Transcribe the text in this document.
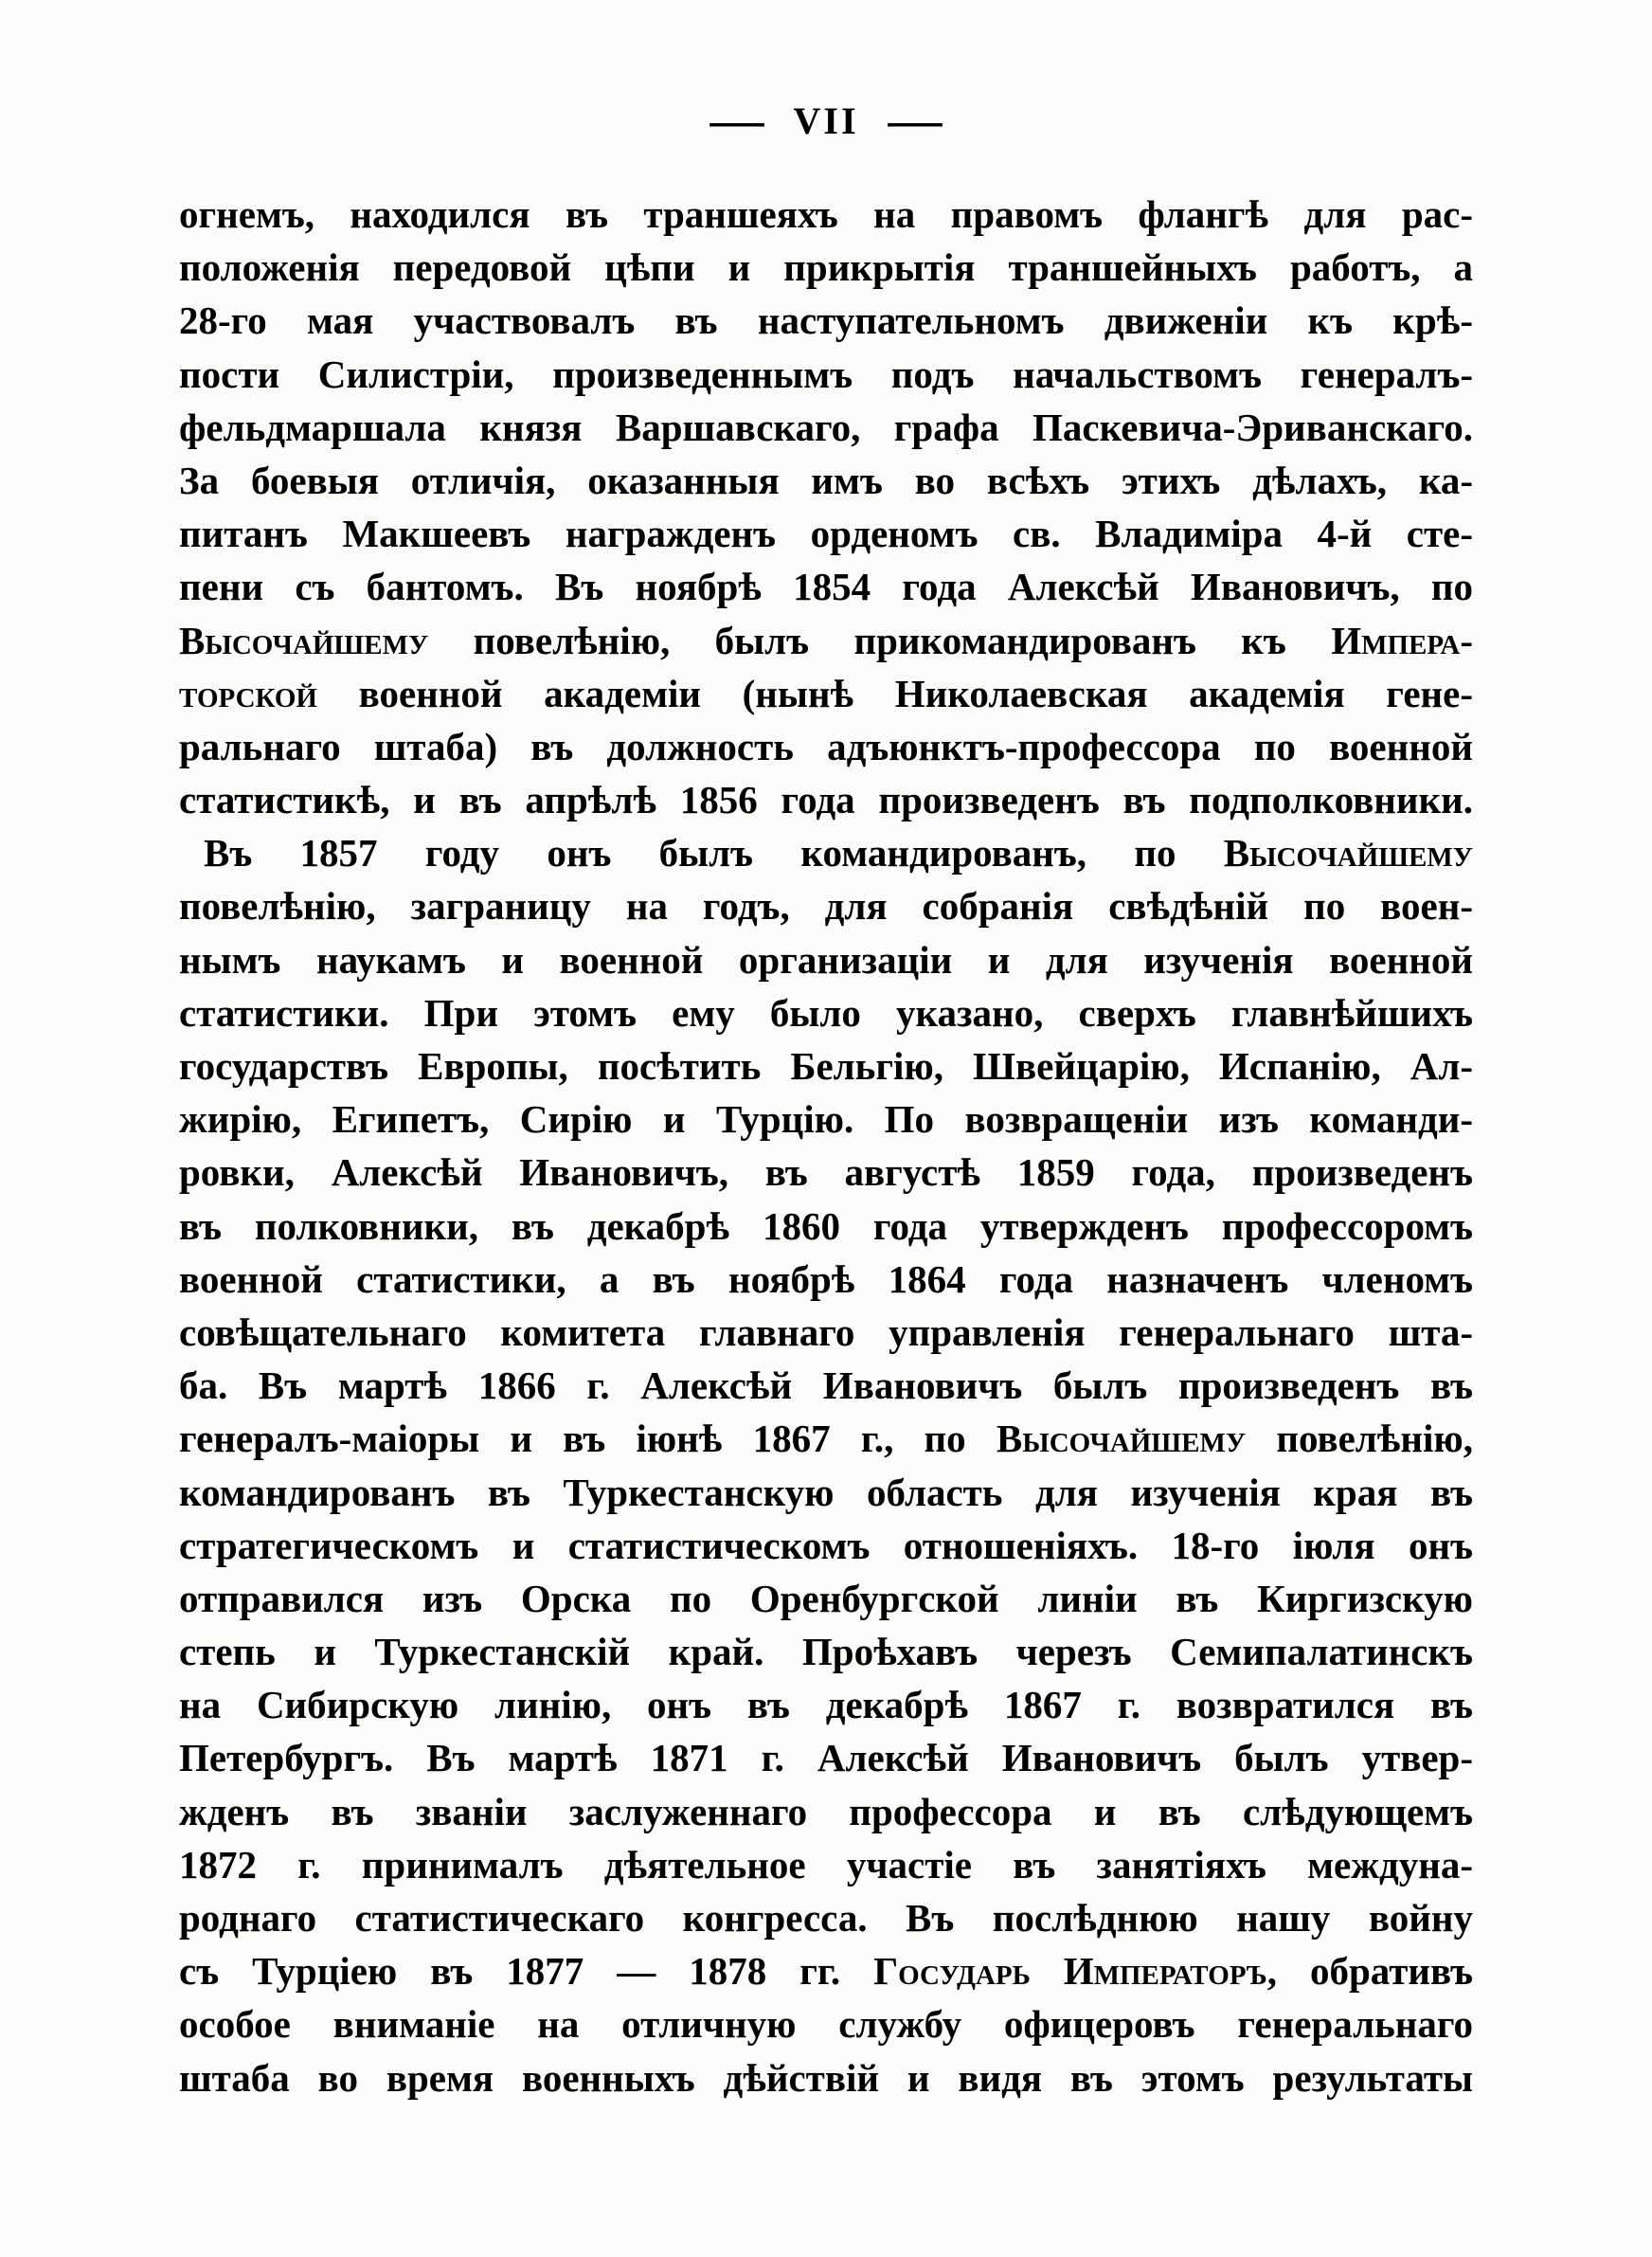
— VII —
огнемъ, находился въ траншеяхъ на правомъ флангѣ для рас-
положенія передовой цѣпи и прикрытія траншейныхъ работъ, а
28-го мая участвовалъ въ наступательномъ движеніи къ крѣ-
пости Силистріи, произведеннымъ подъ начальствомъ генералъ-
фельдмаршала князя Варшавскаго, графа Паскевича-Эриванскаго.
За боевыя отличія, оказанныя имъ во всѣхъ этихъ дѣлахъ, ка-
питанъ Макшеевъ награжденъ орденомъ св. Владиміра 4-й сте-
пени съ бантомъ. Въ ноябрѣ 1854 года Алексѣй Ивановичъ, по
Высочайшему повелѣнію, былъ прикомандированъ къ Импера-
торской военной академіи (нынѣ Николаевская академія гене-
ральнаго штаба) въ должность адъюнктъ-профессора по военной
статистикѣ, и въ апрѣлѣ 1856 года произведенъ въ подполковники.
Въ 1857 году онъ былъ командированъ, по Высочайшему
повелѣнію, заграницу на годъ, для собранія свѣдѣній по воен-
нымъ наукамъ и военной организаціи и для изученія военной
статистики. При этомъ ему было указано, сверхъ главнѣйшихъ
государствъ Европы, посѣтить Бельгію, Швейцарію, Испанію, Ал-
жирію, Египетъ, Сирію и Турцію. По возвращеніи изъ команди-
ровки, Алексѣй Ивановичъ, въ августѣ 1859 года, произведенъ
въ полковники, въ декабрѣ 1860 года утвержденъ профессоромъ
военной статистики, а въ ноябрѣ 1864 года назначенъ членомъ
совѣщательнаго комитета главнаго управленія генеральнаго шта-
ба. Въ мартѣ 1866 г. Алексѣй Ивановичъ былъ произведенъ въ
генералъ-маіоры и въ іюнѣ 1867 г., по Высочайшему повелѣнію,
командированъ въ Туркестанскую область для изученія края въ
стратегическомъ и статистическомъ отношеніяхъ. 18-го іюля онъ
отправился изъ Орска по Оренбургской линіи въ Киргизскую
степь и Туркестанскій край. Проѣхавъ черезъ Семипалатинскъ
на Сибирскую линію, онъ въ декабрѣ 1867 г. возвратился въ
Петербургъ. Въ мартѣ 1871 г. Алексѣй Ивановичъ былъ утвер-
жденъ въ званіи заслуженнаго профессора и въ слѣдующемъ
1872 г. принималъ дѣятельное участіе въ занятіяхъ междуна-
роднаго статистическаго конгресса. Въ послѣднюю нашу войну
съ Турціею въ 1877 — 1878 гг. Государь Императоръ, обративъ
особое вниманіе на отличную службу офицеровъ генеральнаго
штаба во время военныхъ дѣйствій и видя въ этомъ результаты
